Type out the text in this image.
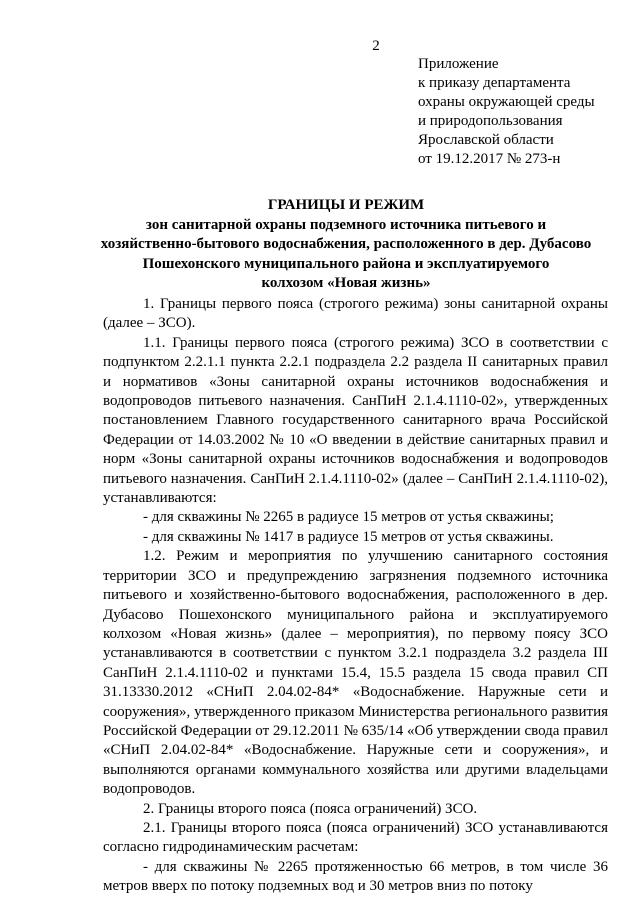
2
Приложение
к приказу департамента
охраны окружающей среды
и природопользования
Ярославской области
от 19.12.2017 № 273-н
ГРАНИЦЫ И РЕЖИМ
зон санитарной охраны подземного источника питьевого и
хозяйственно-бытового водоснабжения, расположенного в дер. Дубасово
Пошехонского муниципального района и эксплуатируемого
колхозом «Новая жизнь»

1. Границы первого пояса (строгого режима) зоны санитарной охраны (далее – ЗСО).

1.1. Границы первого пояса (строгого режима) ЗСО в соответствии с подпунктом 2.2.1.1 пункта 2.2.1 подраздела 2.2 раздела II санитарных правил и нормативов «Зоны санитарной охраны источников водоснабжения и водопроводов питьевого назначения. СанПиН 2.1.4.1110-02», утвержденных постановлением Главного государственного санитарного врача Российской Федерации от 14.03.2002 № 10 «О введении в действие санитарных правил и норм «Зоны санитарной охраны источников водоснабжения и водопроводов питьевого назначения. СанПиН 2.1.4.1110-02» (далее – СанПиН 2.1.4.1110-02), устанавливаются:

- для скважины № 2265 в радиусе 15 метров от устья скважины;

- для скважины № 1417 в радиусе 15 метров от устья скважины.

1.2. Режим и мероприятия по улучшению санитарного состояния территории ЗСО и предупреждению загрязнения подземного источника питьевого и хозяйственно-бытового водоснабжения, расположенного в дер. Дубасово Пошехонского муниципального района и эксплуатируемого колхозом «Новая жизнь» (далее – мероприятия), по первому поясу ЗСО устанавливаются в соответствии с пунктом 3.2.1 подраздела 3.2 раздела III СанПиН 2.1.4.1110-02 и пунктами 15.4, 15.5 раздела 15 свода правил СП 31.13330.2012 «СНиП 2.04.02-84* «Водоснабжение. Наружные сети и сооружения», утвержденного приказом Министерства регионального развития Российской Федерации от 29.12.2011 № 635/14 «Об утверждении свода правил «СНиП 2.04.02-84* «Водоснабжение. Наружные сети и сооружения», и выполняются органами коммунального хозяйства или другими владельцами водопроводов.

2. Границы второго пояса (пояса ограничений) ЗСО.

2.1. Границы второго пояса (пояса ограничений) ЗСО устанавливаются согласно гидродинамическим расчетам:

- для скважины № 2265 протяженностью 66 метров, в том числе 36 метров вверх по потоку подземных вод и 30 метров вниз по потоку
